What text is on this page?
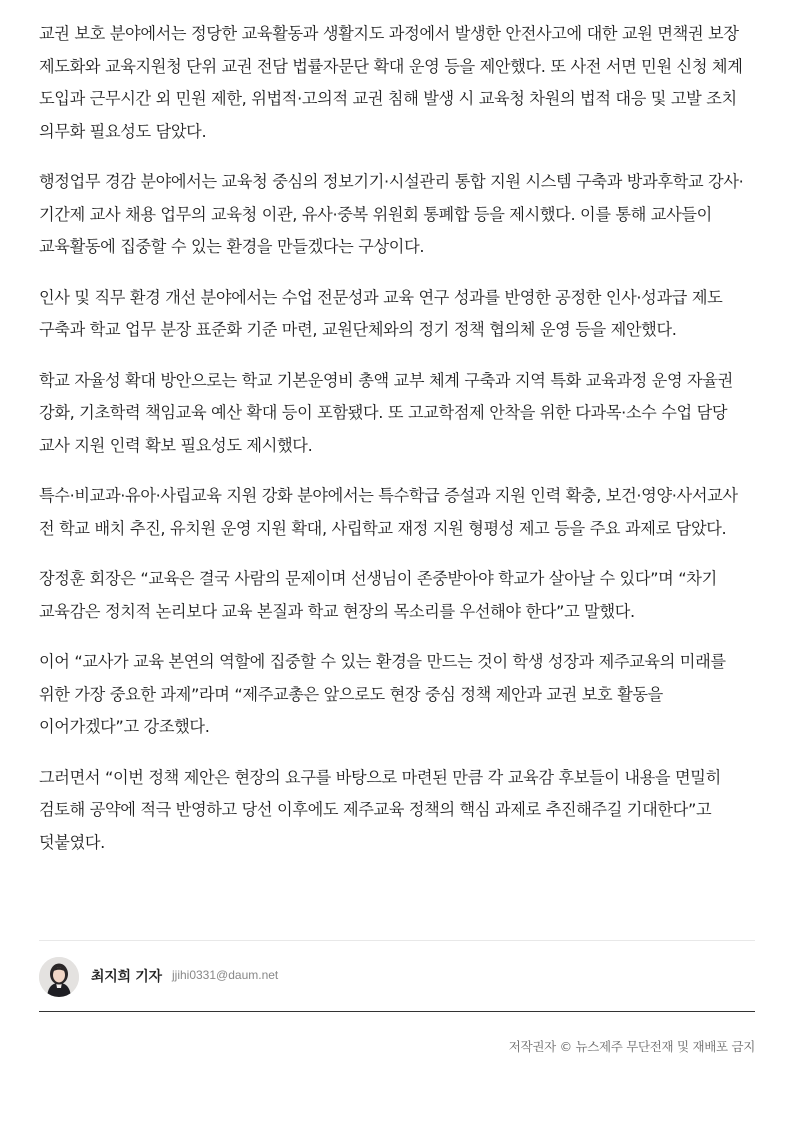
교권 보호 분야에서는 정당한 교육활동과 생활지도 과정에서 발생한 안전사고에 대한 교원 면책권 보장 제도화와 교육지원청 단위 교권 전담 법률자문단 확대 운영 등을 제안했다. 또 사전 서면 민원 신청 체계 도입과 근무시간 외 민원 제한, 위법적·고의적 교권 침해 발생 시 교육청 차원의 법적 대응 및 고발 조치 의무화 필요성도 담았다.

행정업무 경감 분야에서는 교육청 중심의 정보기기·시설관리 통합 지원 시스템 구축과 방과후학교 강사·기간제 교사 채용 업무의 교육청 이관, 유사·중복 위원회 통폐합 등을 제시했다. 이를 통해 교사들이 교육활동에 집중할 수 있는 환경을 만들겠다는 구상이다.

인사 및 직무 환경 개선 분야에서는 수업 전문성과 교육 연구 성과를 반영한 공정한 인사·성과급 제도 구축과 학교 업무 분장 표준화 기준 마련, 교원단체와의 정기 정책 협의체 운영 등을 제안했다.

학교 자율성 확대 방안으로는 학교 기본운영비 총액 교부 체계 구축과 지역 특화 교육과정 운영 자율권 강화, 기초학력 책임교육 예산 확대 등이 포함됐다. 또 고교학점제 안착을 위한 다과목·소수 수업 담당 교사 지원 인력 확보 필요성도 제시했다.

특수·비교과·유아·사립교육 지원 강화 분야에서는 특수학급 증설과 지원 인력 확충, 보건·영양·사서교사 전 학교 배치 추진, 유치원 운영 지원 확대, 사립학교 재정 지원 형평성 제고 등을 주요 과제로 담았다.

장정훈 회장은 “교육은 결국 사람의 문제이며 선생님이 존중받아야 학교가 살아날 수 있다”며 “차기 교육감은 정치적 논리보다 교육 본질과 학교 현장의 목소리를 우선해야 한다”고 말했다.

이어 “교사가 교육 본연의 역할에 집중할 수 있는 환경을 만드는 것이 학생 성장과 제주교육의 미래를 위한 가장 중요한 과제”라며 “제주교총은 앞으로도 현장 중심 정책 제안과 교권 보호 활동을 이어가겠다”고 강조했다.

그러면서 “이번 정책 제안은 현장의 요구를 바탕으로 마련된 만큼 각 교육감 후보들이 내용을 면밀히 검토해 공약에 적극 반영하고 당선 이후에도 제주교육 정책의 핵심 과제로 추진해주길 기대한다”고 덧붙였다.

최지희 기자 jjihi0331@daum.net
저작권자 © 뉴스제주 무단전재 및 재배포 금지
